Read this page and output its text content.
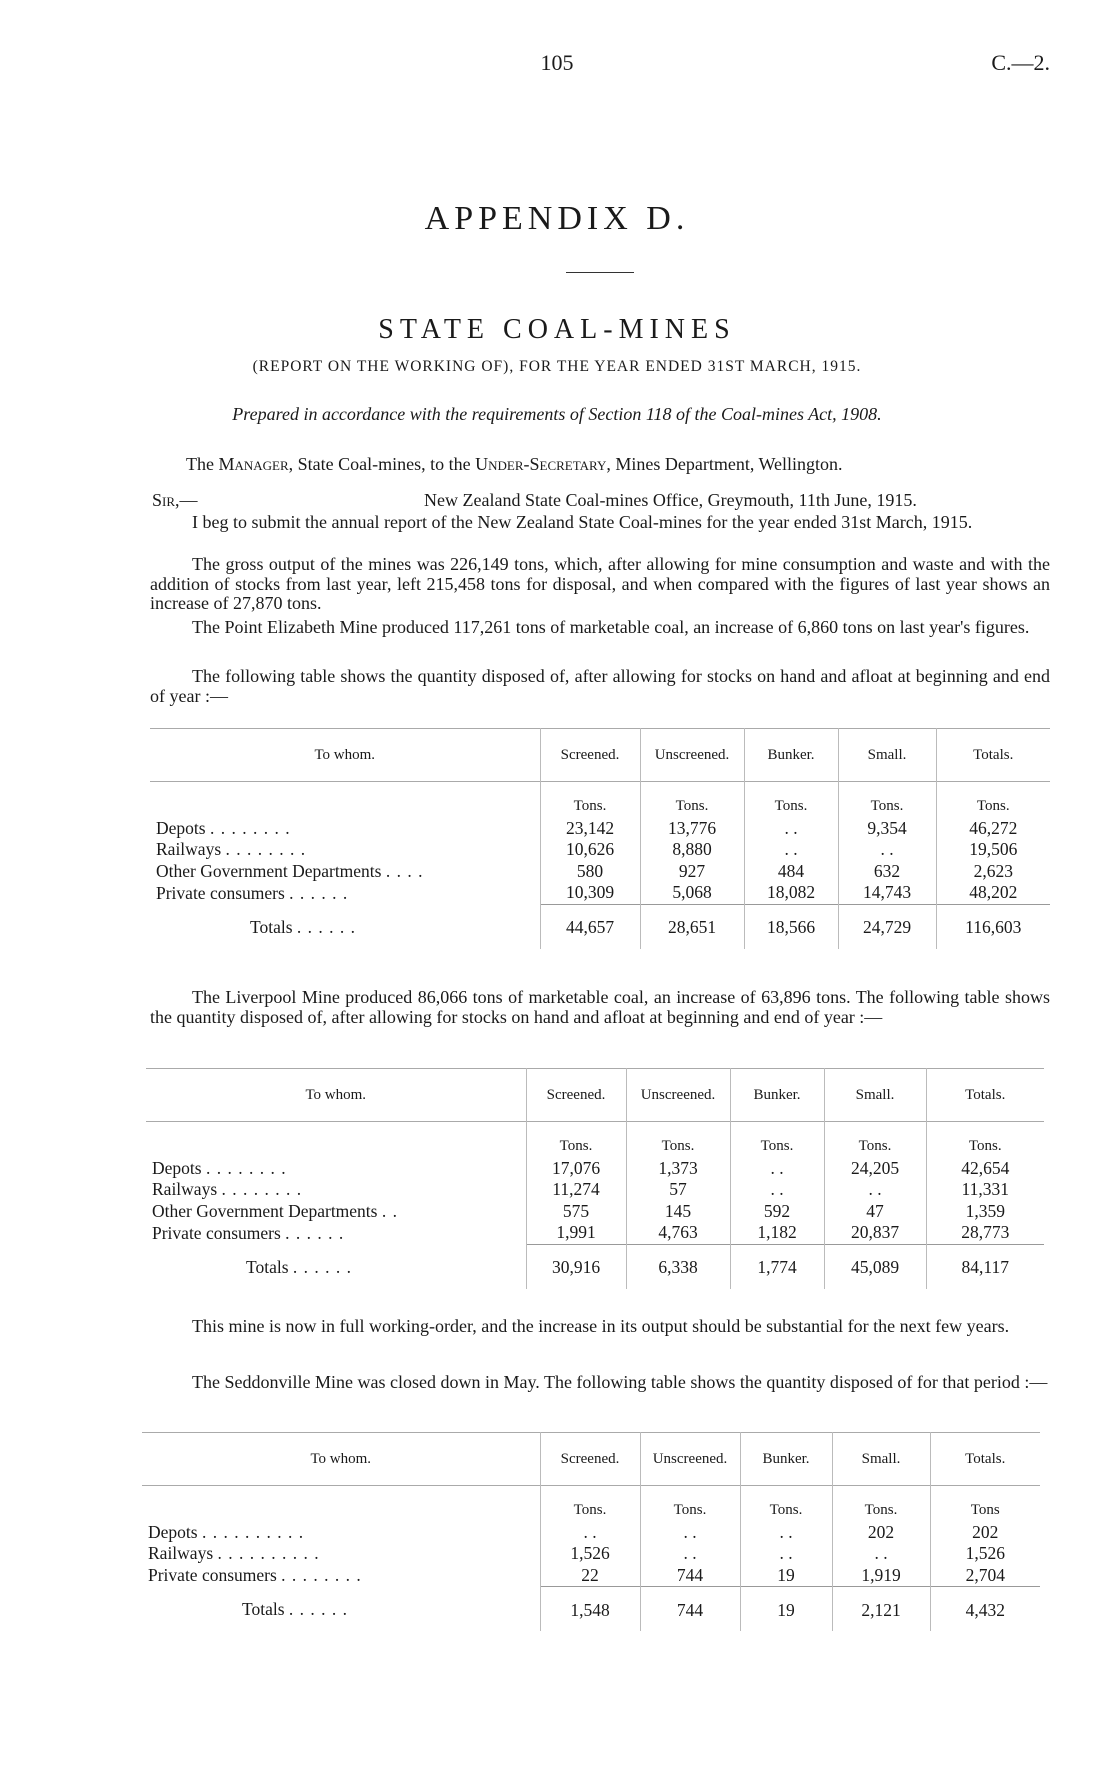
105	C.—2.
APPENDIX D.
STATE COAL-MINES
(REPORT ON THE WORKING OF), FOR THE YEAR ENDED 31ST MARCH, 1915.
Prepared in accordance with the requirements of Section 118 of the Coal-mines Act, 1908.
The Manager, State Coal-mines, to the Under-Secretary, Mines Department, Wellington.
Sir,—	New Zealand State Coal-mines Office, Greymouth, 11th June, 1915.
I beg to submit the annual report of the New Zealand State Coal-mines for the year ended 31st March, 1915.
The gross output of the mines was 226,149 tons, which, after allowing for mine consumption and waste and with the addition of stocks from last year, left 215,458 tons for disposal, and when compared with the figures of last year shows an increase of 27,870 tons.
The Point Elizabeth Mine produced 117,261 tons of marketable coal, an increase of 6,860 tons on last year's figures.
The following table shows the quantity disposed of, after allowing for stocks on hand and afloat at beginning and end of year :—
To whom.	Screened.	Unscreened.	Bunker.	Small.	Totals.
	Tons.	Tons.	Tons.	Tons.	Tons.
Depots . . . . . . . .	23,142	13,776	. .	9,354	46,272
Railways . . . . . . . .	10,626	8,880	. .	. .	19,506
Other Government Departments . . . .	580	927	484	632	2,623
Private consumers . . . . . .	10,309	5,068	18,082	14,743	48,202
Totals . . . . . .	44,657	28,651	18,566	24,729	116,603
The Liverpool Mine produced 86,066 tons of marketable coal, an increase of 63,896 tons. The following table shows the quantity disposed of, after allowing for stocks on hand and afloat at beginning and end of year :—
To whom.	Screened.	Unscreened.	Bunker.	Small.	Totals.
	Tons.	Tons.	Tons.	Tons.	Tons.
Depots . . . . . . . .	17,076	1,373	. .	24,205	42,654
Railways . . . . . . . .	11,274	57	. .	. .	11,331
Other Government Departments . .	575	145	592	47	1,359
Private consumers . . . . . .	1,991	4,763	1,182	20,837	28,773
Totals . . . . . .	30,916	6,338	1,774	45,089	84,117
This mine is now in full working-order, and the increase in its output should be substantial for the next few years.
The Seddonville Mine was closed down in May. The following table shows the quantity disposed of for that period :—
To whom.	Screened.	Unscreened.	Bunker.	Small.	Totals.
	Tons.	Tons.	Tons.	Tons.	Tons
Depots . . . . . . . . . .	. .	. .	. .	202	202
Railways . . . . . . . . . .	1,526	. .	. .	. .	1,526
Private consumers . . . . . . . .	22	744	19	1,919	2,704
Totals . . . . . .	1,548	744	19	2,121	4,432
